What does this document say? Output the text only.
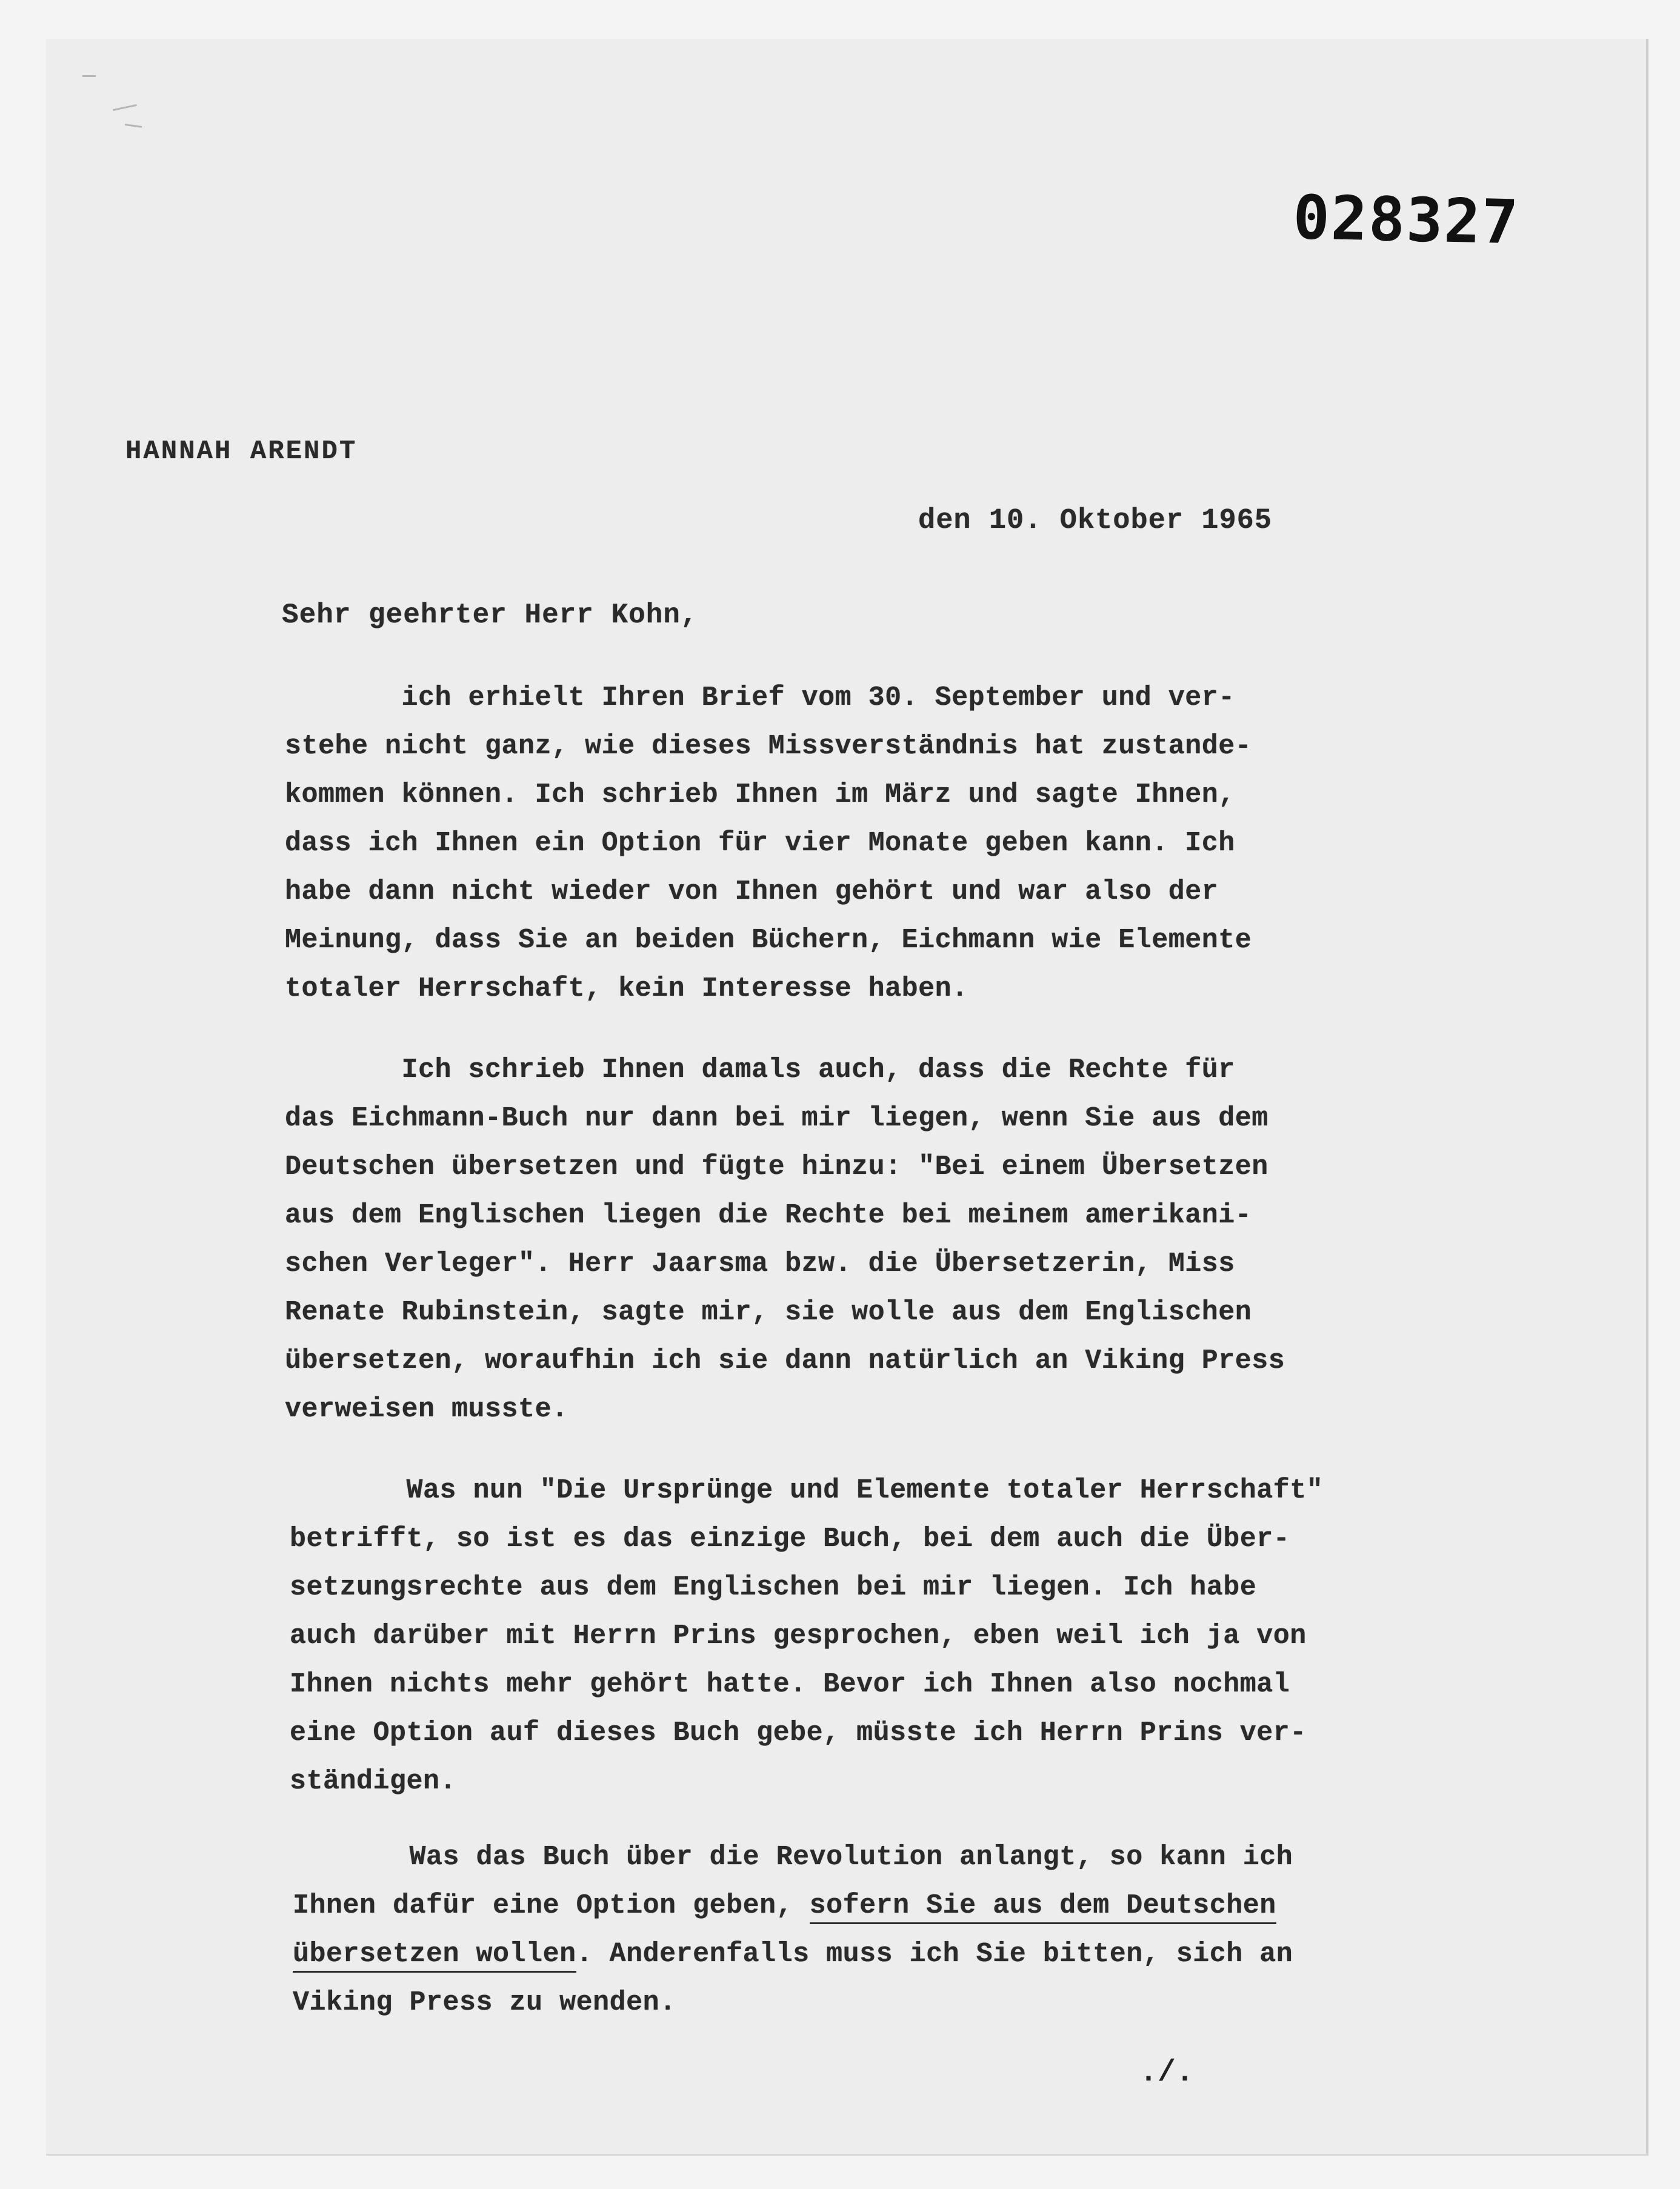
028327
HANNAH ARENDT
den 10. Oktober 1965
Sehr geehrter Herr Kohn,
ich erhielt Ihren Brief vom 30. September und ver-
stehe nicht ganz, wie dieses Missverständnis hat zustande-
kommen können. Ich schrieb Ihnen im März und sagte Ihnen,
dass ich Ihnen ein Option für vier Monate geben kann. Ich
habe dann nicht wieder von Ihnen gehört und war also der
Meinung, dass Sie an beiden Büchern, Eichmann wie Elemente
totaler Herrschaft, kein Interesse haben.
Ich schrieb Ihnen damals auch, dass die Rechte für
das Eichmann-Buch nur dann bei mir liegen, wenn Sie aus dem
Deutschen übersetzen und fügte hinzu: "Bei einem Übersetzen
aus dem Englischen liegen die Rechte bei meinem amerikani-
schen Verleger". Herr Jaarsma bzw. die Übersetzerin, Miss
Renate Rubinstein, sagte mir, sie wolle aus dem Englischen
übersetzen, woraufhin ich sie dann natürlich an Viking Press
verweisen musste.
Was nun "Die Ursprünge und Elemente totaler Herrschaft"
betrifft, so ist es das einzige Buch, bei dem auch die Über-
setzungsrechte aus dem Englischen bei mir liegen. Ich habe
auch darüber mit Herrn Prins gesprochen, eben weil ich ja von
Ihnen nichts mehr gehört hatte. Bevor ich Ihnen also nochmal
eine Option auf dieses Buch gebe, müsste ich Herrn Prins ver-
ständigen.
Was das Buch über die Revolution anlangt, so kann ich
Ihnen dafür eine Option geben, sofern Sie aus dem Deutschen
übersetzen wollen. Anderenfalls muss ich Sie bitten, sich an
Viking Press zu wenden.
./.
